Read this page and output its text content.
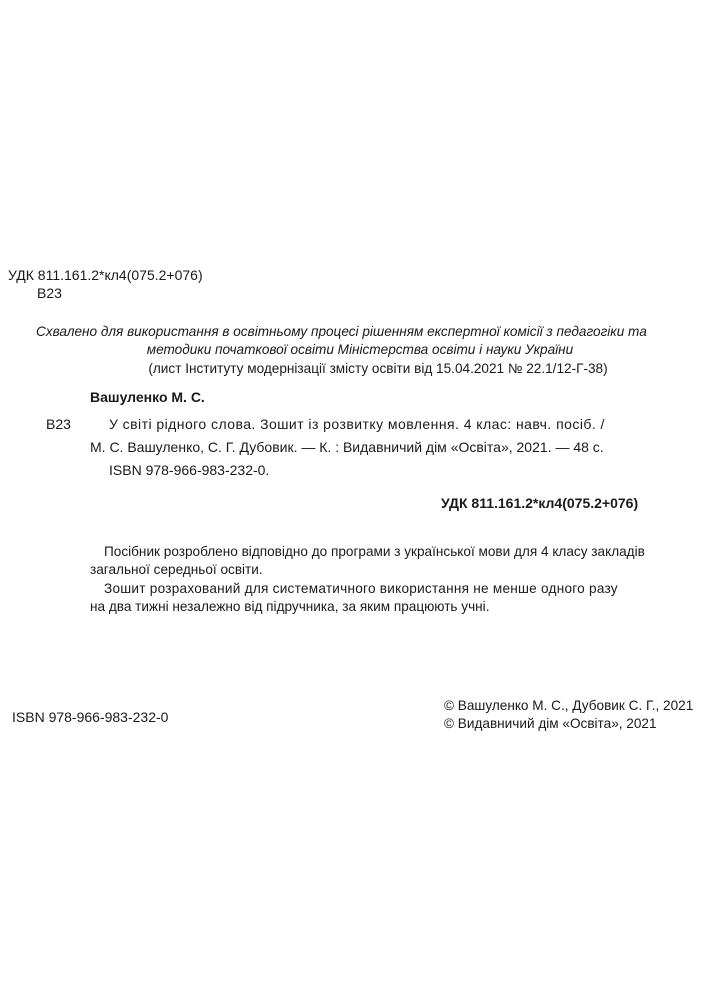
УДК 811.161.2*кл4(075.2+076)
В23
Схвалено для використання в освітньому процесі рішенням експертної комісії з педагогіки та
методики початкової освіти Міністерства освіти і науки України
(лист Інституту модернізації змісту освіти від 15.04.2021 № 22.1/12-Г-38)
Вашуленко М. С.
В23	У світі рідного слова. Зошит із розвитку мовлення. 4 клас: навч. посіб. /
М. С. Вашуленко, С. Г. Дубовик. — К. : Видавничий дім «Освіта», 2021. — 48 с.
ISBN 978-966-983-232-0.
УДК 811.161.2*кл4(075.2+076)
Посібник розроблено відповідно до програми з української мови для 4 класу закладів
загальної середньої освіти.
Зошит розрахований для систематичного використання не менше одного разу
на два тижні незалежно від підручника, за яким працюють учні.
ISBN 978-966-983-232-0
© Вашуленко М. С., Дубовик С. Г., 2021
© Видавничий дім «Освіта», 2021
